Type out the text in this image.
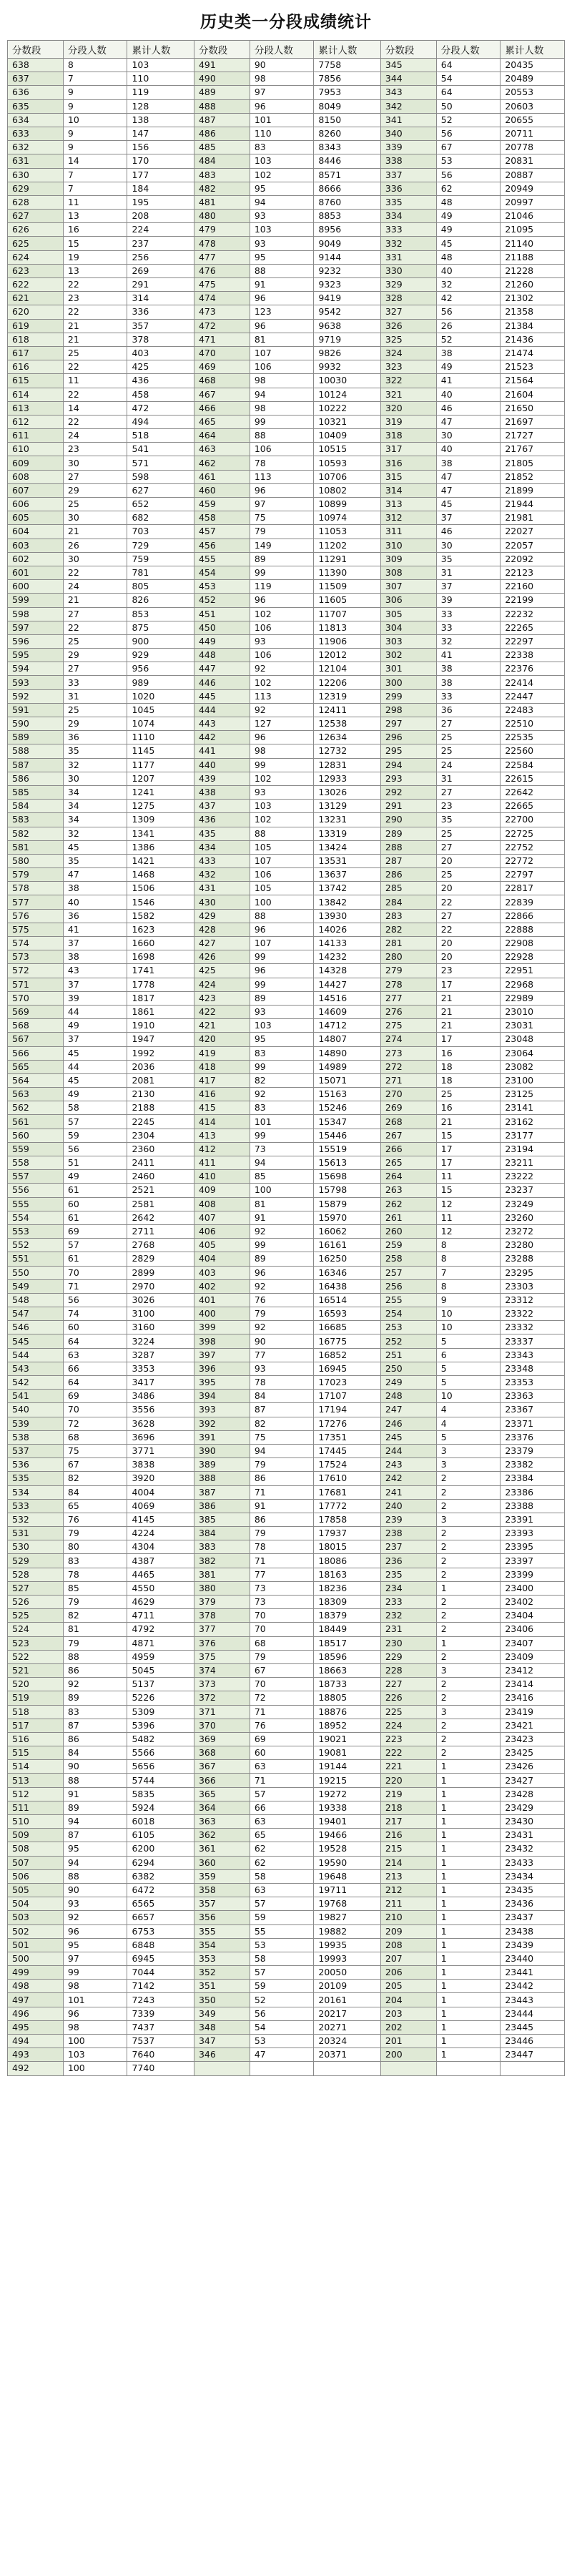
历史类一分段成绩统计
分数段	分段人数	累计人数	分数段	分段人数	累计人数	分数段	分段人数	累计人数
638	8	103	491	90	7758	345	64	20435
637	7	110	490	98	7856	344	54	20489
636	9	119	489	97	7953	343	64	20553
635	9	128	488	96	8049	342	50	20603
634	10	138	487	101	8150	341	52	20655
633	9	147	486	110	8260	340	56	20711
632	9	156	485	83	8343	339	67	20778
631	14	170	484	103	8446	338	53	20831
630	7	177	483	102	8571	337	56	20887
629	7	184	482	95	8666	336	62	20949
628	11	195	481	94	8760	335	48	20997
627	13	208	480	93	8853	334	49	21046
626	16	224	479	103	8956	333	49	21095
625	15	237	478	93	9049	332	45	21140
624	19	256	477	95	9144	331	48	21188
623	13	269	476	88	9232	330	40	21228
622	22	291	475	91	9323	329	32	21260
621	23	314	474	96	9419	328	42	21302
620	22	336	473	123	9542	327	56	21358
619	21	357	472	96	9638	326	26	21384
618	21	378	471	81	9719	325	52	21436
617	25	403	470	107	9826	324	38	21474
616	22	425	469	106	9932	323	49	21523
615	11	436	468	98	10030	322	41	21564
614	22	458	467	94	10124	321	40	21604
613	14	472	466	98	10222	320	46	21650
612	22	494	465	99	10321	319	47	21697
611	24	518	464	88	10409	318	30	21727
610	23	541	463	106	10515	317	40	21767
609	30	571	462	78	10593	316	38	21805
608	27	598	461	113	10706	315	47	21852
607	29	627	460	96	10802	314	47	21899
606	25	652	459	97	10899	313	45	21944
605	30	682	458	75	10974	312	37	21981
604	21	703	457	79	11053	311	46	22027
603	26	729	456	149	11202	310	30	22057
602	30	759	455	89	11291	309	35	22092
601	22	781	454	99	11390	308	31	22123
600	24	805	453	119	11509	307	37	22160
599	21	826	452	96	11605	306	39	22199
598	27	853	451	102	11707	305	33	22232
597	22	875	450	106	11813	304	33	22265
596	25	900	449	93	11906	303	32	22297
595	29	929	448	106	12012	302	41	22338
594	27	956	447	92	12104	301	38	22376
593	33	989	446	102	12206	300	38	22414
592	31	1020	445	113	12319	299	33	22447
591	25	1045	444	92	12411	298	36	22483
590	29	1074	443	127	12538	297	27	22510
589	36	1110	442	96	12634	296	25	22535
588	35	1145	441	98	12732	295	25	22560
587	32	1177	440	99	12831	294	24	22584
586	30	1207	439	102	12933	293	31	22615
585	34	1241	438	93	13026	292	27	22642
584	34	1275	437	103	13129	291	23	22665
583	34	1309	436	102	13231	290	35	22700
582	32	1341	435	88	13319	289	25	22725
581	45	1386	434	105	13424	288	27	22752
580	35	1421	433	107	13531	287	20	22772
579	47	1468	432	106	13637	286	25	22797
578	38	1506	431	105	13742	285	20	22817
577	40	1546	430	100	13842	284	22	22839
576	36	1582	429	88	13930	283	27	22866
575	41	1623	428	96	14026	282	22	22888
574	37	1660	427	107	14133	281	20	22908
573	38	1698	426	99	14232	280	20	22928
572	43	1741	425	96	14328	279	23	22951
571	37	1778	424	99	14427	278	17	22968
570	39	1817	423	89	14516	277	21	22989
569	44	1861	422	93	14609	276	21	23010
568	49	1910	421	103	14712	275	21	23031
567	37	1947	420	95	14807	274	17	23048
566	45	1992	419	83	14890	273	16	23064
565	44	2036	418	99	14989	272	18	23082
564	45	2081	417	82	15071	271	18	23100
563	49	2130	416	92	15163	270	25	23125
562	58	2188	415	83	15246	269	16	23141
561	57	2245	414	101	15347	268	21	23162
560	59	2304	413	99	15446	267	15	23177
559	56	2360	412	73	15519	266	17	23194
558	51	2411	411	94	15613	265	17	23211
557	49	2460	410	85	15698	264	11	23222
556	61	2521	409	100	15798	263	15	23237
555	60	2581	408	81	15879	262	12	23249
554	61	2642	407	91	15970	261	11	23260
553	69	2711	406	92	16062	260	12	23272
552	57	2768	405	99	16161	259	8	23280
551	61	2829	404	89	16250	258	8	23288
550	70	2899	403	96	16346	257	7	23295
549	71	2970	402	92	16438	256	8	23303
548	56	3026	401	76	16514	255	9	23312
547	74	3100	400	79	16593	254	10	23322
546	60	3160	399	92	16685	253	10	23332
545	64	3224	398	90	16775	252	5	23337
544	63	3287	397	77	16852	251	6	23343
543	66	3353	396	93	16945	250	5	23348
542	64	3417	395	78	17023	249	5	23353
541	69	3486	394	84	17107	248	10	23363
540	70	3556	393	87	17194	247	4	23367
539	72	3628	392	82	17276	246	4	23371
538	68	3696	391	75	17351	245	5	23376
537	75	3771	390	94	17445	244	3	23379
536	67	3838	389	79	17524	243	3	23382
535	82	3920	388	86	17610	242	2	23384
534	84	4004	387	71	17681	241	2	23386
533	65	4069	386	91	17772	240	2	23388
532	76	4145	385	86	17858	239	3	23391
531	79	4224	384	79	17937	238	2	23393
530	80	4304	383	78	18015	237	2	23395
529	83	4387	382	71	18086	236	2	23397
528	78	4465	381	77	18163	235	2	23399
527	85	4550	380	73	18236	234	1	23400
526	79	4629	379	73	18309	233	2	23402
525	82	4711	378	70	18379	232	2	23404
524	81	4792	377	70	18449	231	2	23406
523	79	4871	376	68	18517	230	1	23407
522	88	4959	375	79	18596	229	2	23409
521	86	5045	374	67	18663	228	3	23412
520	92	5137	373	70	18733	227	2	23414
519	89	5226	372	72	18805	226	2	23416
518	83	5309	371	71	18876	225	3	23419
517	87	5396	370	76	18952	224	2	23421
516	86	5482	369	69	19021	223	2	23423
515	84	5566	368	60	19081	222	2	23425
514	90	5656	367	63	19144	221	1	23426
513	88	5744	366	71	19215	220	1	23427
512	91	5835	365	57	19272	219	1	23428
511	89	5924	364	66	19338	218	1	23429
510	94	6018	363	63	19401	217	1	23430
509	87	6105	362	65	19466	216	1	23431
508	95	6200	361	62	19528	215	1	23432
507	94	6294	360	62	19590	214	1	23433
506	88	6382	359	58	19648	213	1	23434
505	90	6472	358	63	19711	212	1	23435
504	93	6565	357	57	19768	211	1	23436
503	92	6657	356	59	19827	210	1	23437
502	96	6753	355	55	19882	209	1	23438
501	95	6848	354	53	19935	208	1	23439
500	97	6945	353	58	19993	207	1	23440
499	99	7044	352	57	20050	206	1	23441
498	98	7142	351	59	20109	205	1	23442
497	101	7243	350	52	20161	204	1	23443
496	96	7339	349	56	20217	203	1	23444
495	98	7437	348	54	20271	202	1	23445
494	100	7537	347	53	20324	201	1	23446
493	103	7640	346	47	20371	200	1	23447
492	100	7740						
